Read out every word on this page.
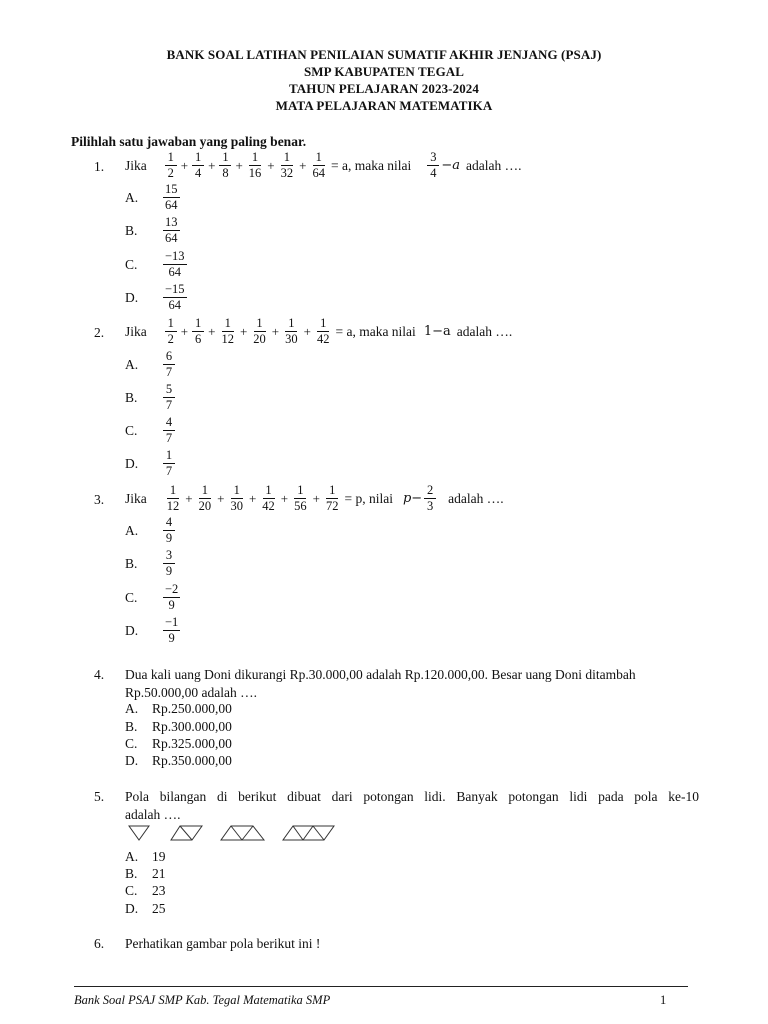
BANK SOAL LATIHAN PENILAIAN SUMATIF AKHIR JENJANG (PSAJ)
SMP KABUPATEN TEGAL
TAHUN PELAJARAN 2023-2024
MATA PELAJARAN MATEMATIKA
Pilihlah satu jawaban yang paling benar.
1. Jika $\frac{1}{2} + \frac{1}{4} + \frac{1}{8} + \frac{1}{16} + \frac{1}{32} + \frac{1}{64} = a$, maka nilai $\frac{3}{4} -a$ adalah ….
A.	$\frac{15}{64}$
B.	$\frac{13}{64}$
C.	$\frac{-13}{64}$
D.	$\frac{-15}{64}$
2. Jika $\frac{1}{2} + \frac{1}{6} + \frac{1}{12} + \frac{1}{20} + \frac{1}{30} + \frac{1}{42} = a$, maka nilai 1−a adalah ….
A.	$\frac{6}{7}$
B.	$\frac{5}{7}$
C.	$\frac{4}{7}$
D.	$\frac{1}{7}$
3. Jika $\frac{1}{12} + \frac{1}{20} + \frac{1}{30} + \frac{1}{42} + \frac{1}{56} + \frac{1}{72} = p$, nilai $p- \frac{2}{3}$ adalah ….
A.	$\frac{4}{9}$
B.	$\frac{3}{9}$
C.	$\frac{-2}{9}$
D.	$\frac{-1}{9}$
4. Dua kali uang Doni dikurangi Rp.30.000,00 adalah Rp.120.000,00. Besar uang Doni ditambah
Rp.50.000,00 adalah ….
A. Rp.250.000,00
B. Rp.300.000,00
C. Rp.325.000,00
D. Rp.350.000,00
5. Pola bilangan di berikut dibuat dari potongan lidi. Banyak potongan lidi pada pola ke-10
adalah ….
A. 19
B. 21
C. 23
D. 25
6. Perhatikan gambar pola berikut ini !
Bank Soal PSAJ SMP Kab. Tegal Matematika SMP	1
